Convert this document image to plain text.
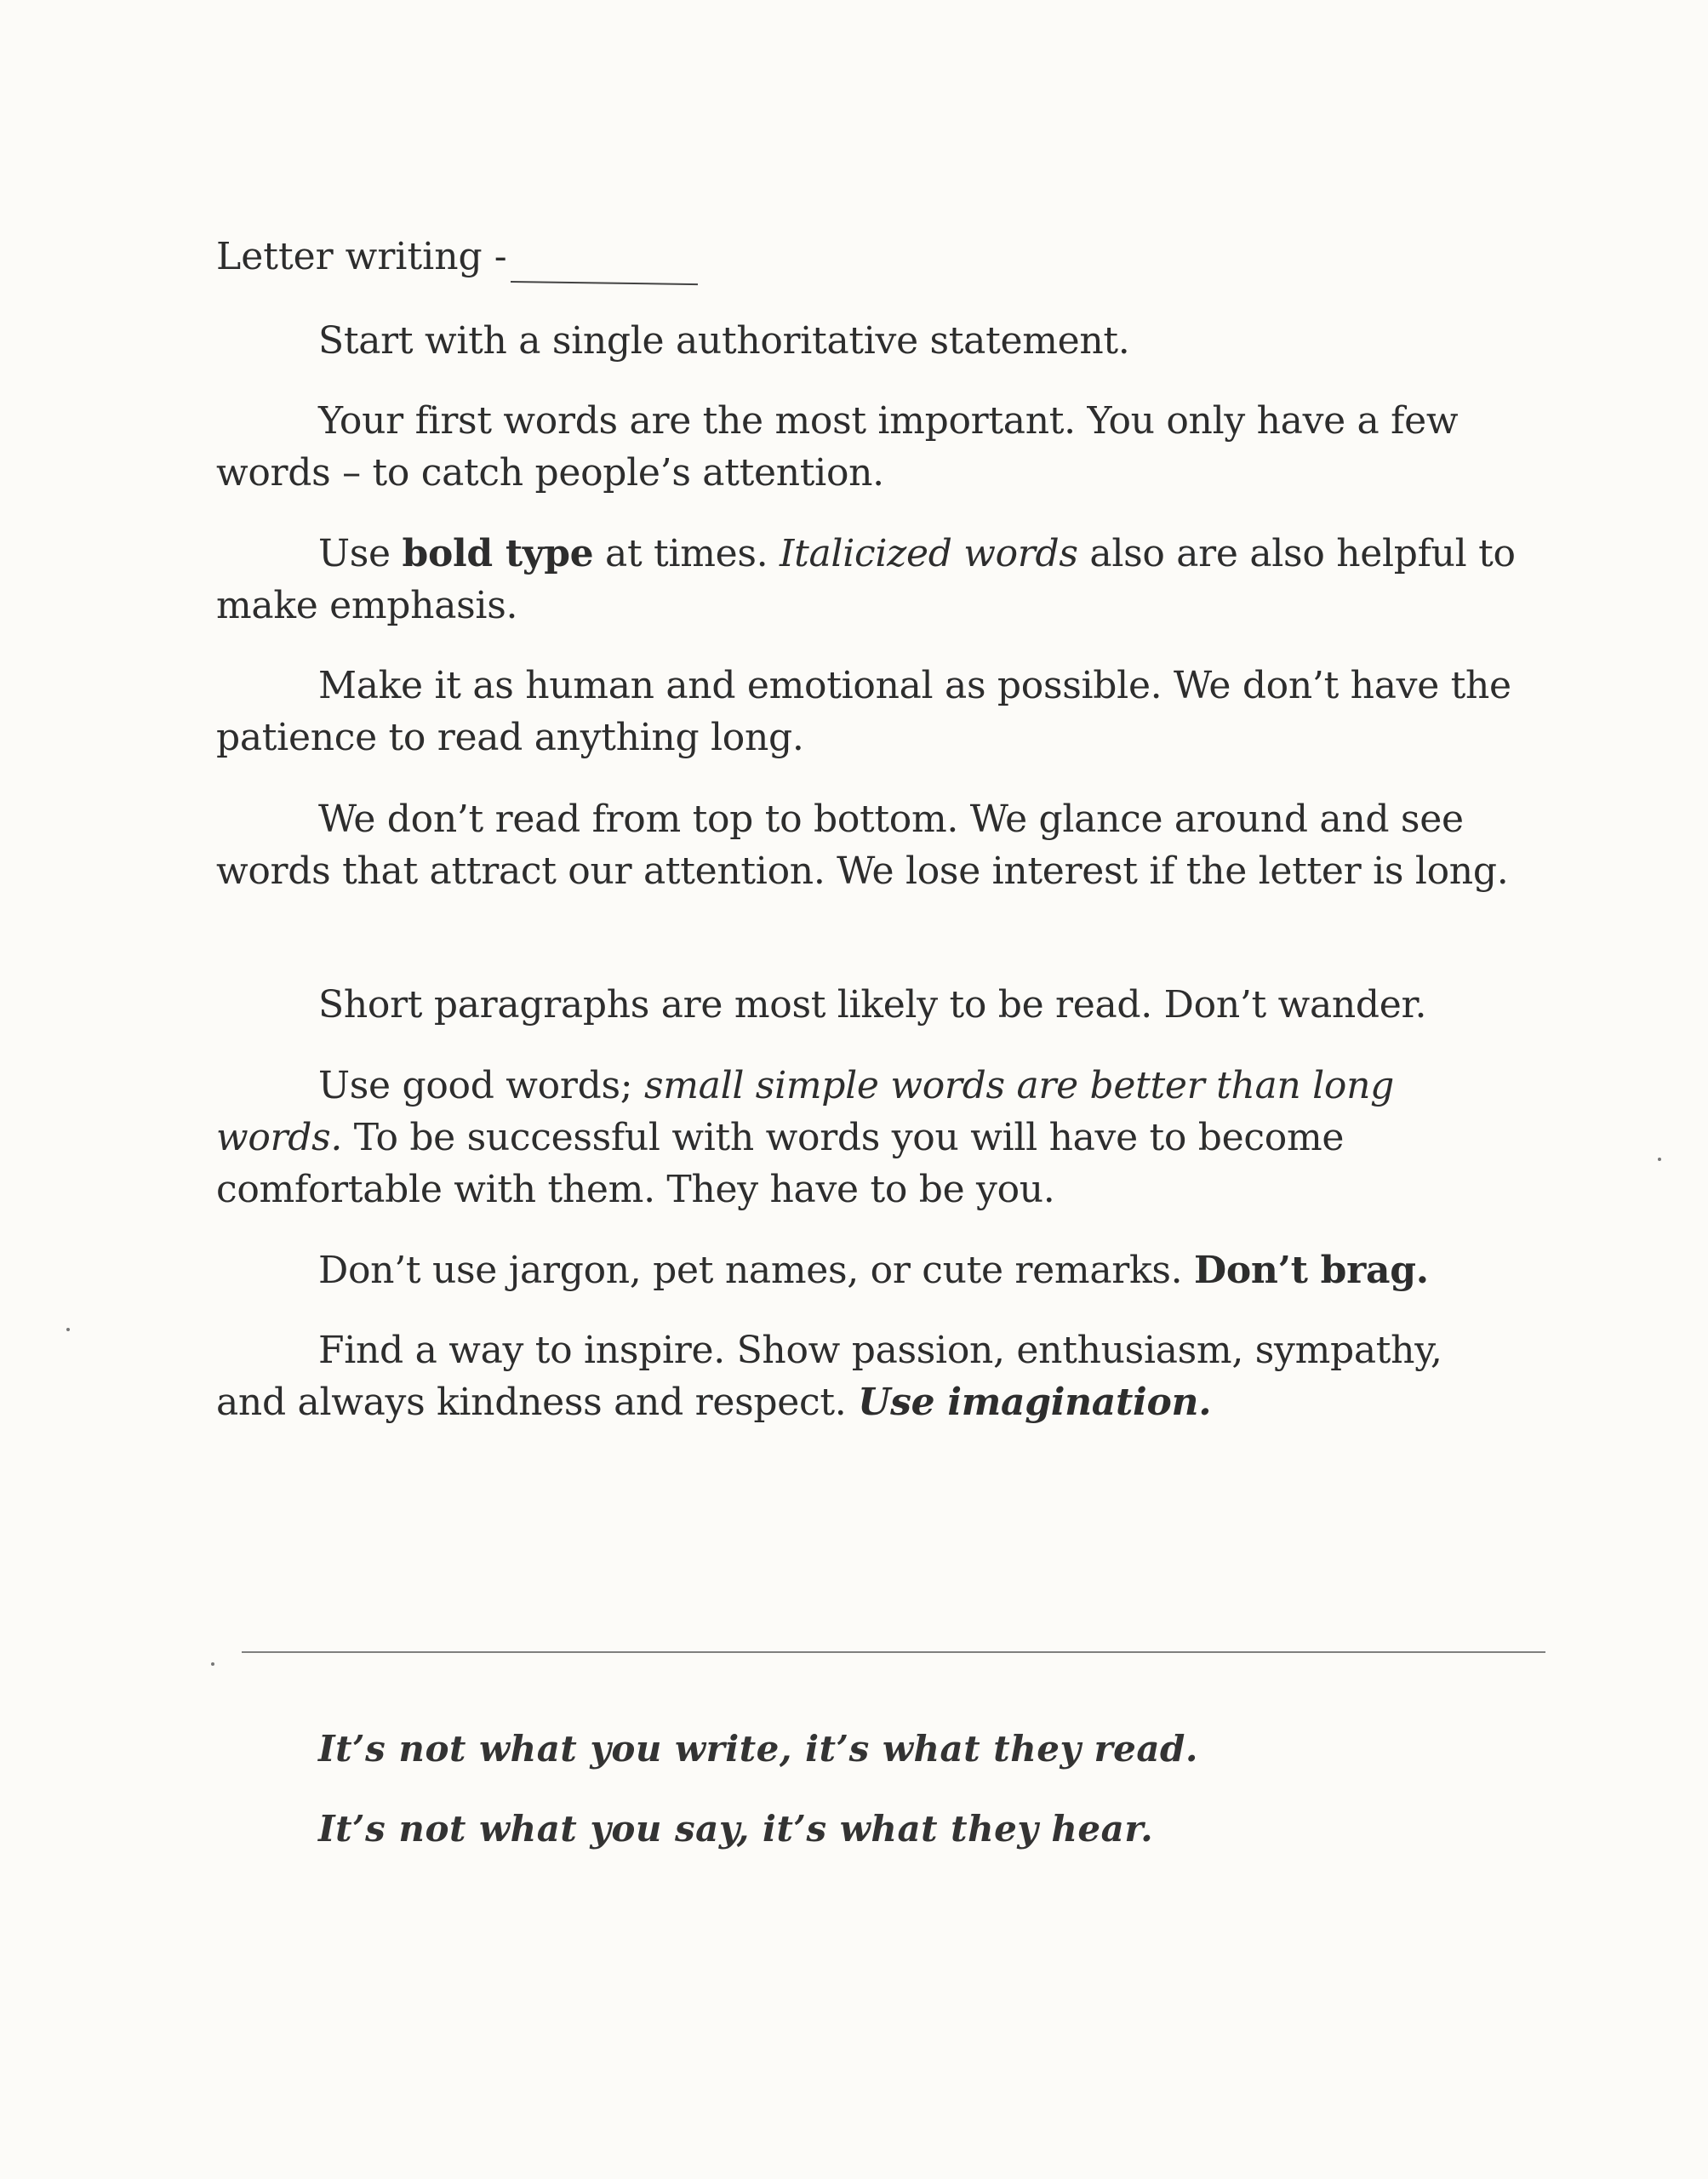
Letter writing -

Start with a single authoritative statement.

Your first words are the most important. You only have a few words – to catch people’s attention.

Use bold type at times. Italicized words also are also helpful to make emphasis.

Make it as human and emotional as possible. We don’t have the patience to read anything long.

We don’t read from top to bottom. We glance around and see words that attract our attention. We lose interest if the letter is long.

Short paragraphs are most likely to be read. Don’t wander.

Use good words; small simple words are better than long words. To be successful with words you will have to become comfortable with them. They have to be you.

Don’t use jargon, pet names, or cute remarks. Don’t brag.

Find a way to inspire. Show passion, enthusiasm, sympathy, and always kindness and respect. Use imagination.

It’s not what you write, it’s what they read.
It’s not what you say, it’s what they hear.
